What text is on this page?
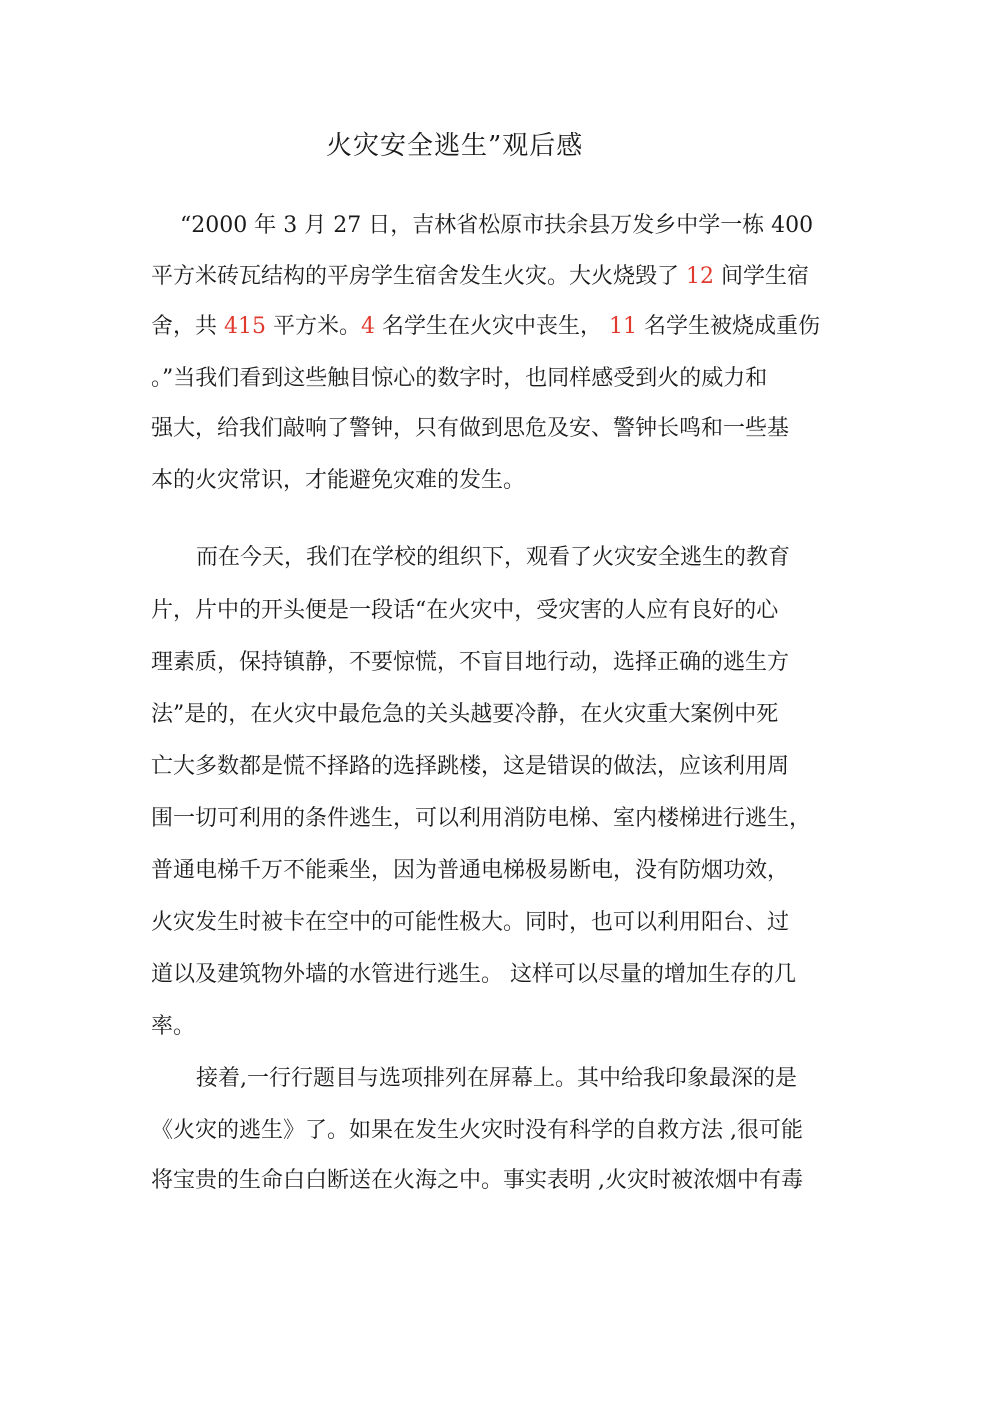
火灾安全逃生”观后感
“2000 年 3 月 27 日，吉林省松原市扶余县万发乡中学一栋 400
平方米砖瓦结构的平房学生宿舍发生火灾。大火烧毁了 12 间学生宿
舍，共 415 平方米。4 名学生在火灾中丧生， 11 名学生被烧成重伤
。”当我们看到这些触目惊心的数字时，也同样感受到火的威力和
强大，给我们敲响了警钟，只有做到思危及安、警钟长鸣和一些基
本的火灾常识，才能避免灾难的发生。
而在今天，我们在学校的组织下，观看了火灾安全逃生的教育
片，片中的开头便是一段话“在火灾中，受灾害的人应有良好的心
理素质，保持镇静，不要惊慌，不盲目地行动，选择正确的逃生方
法”是的，在火灾中最危急的关头越要冷静，在火灾重大案例中死
亡大多数都是慌不择路的选择跳楼，这是错误的做法，应该利用周
围一切可利用的条件逃生，可以利用消防电梯、室内楼梯进行逃生，
普通电梯千万不能乘坐，因为普通电梯极易断电，没有防烟功效，
火灾发生时被卡在空中的可能性极大。同时，也可以利用阳台、过
道以及建筑物外墙的水管进行逃生。 这样可以尽量的增加生存的几
率。
接着,一行行题目与选项排列在屏幕上。其中给我印象最深的是
《火灾的逃生》了。如果在发生火灾时没有科学的自救方法 ,很可能
将宝贵的生命白白断送在火海之中。事实表明 ,火灾时被浓烟中有毒
